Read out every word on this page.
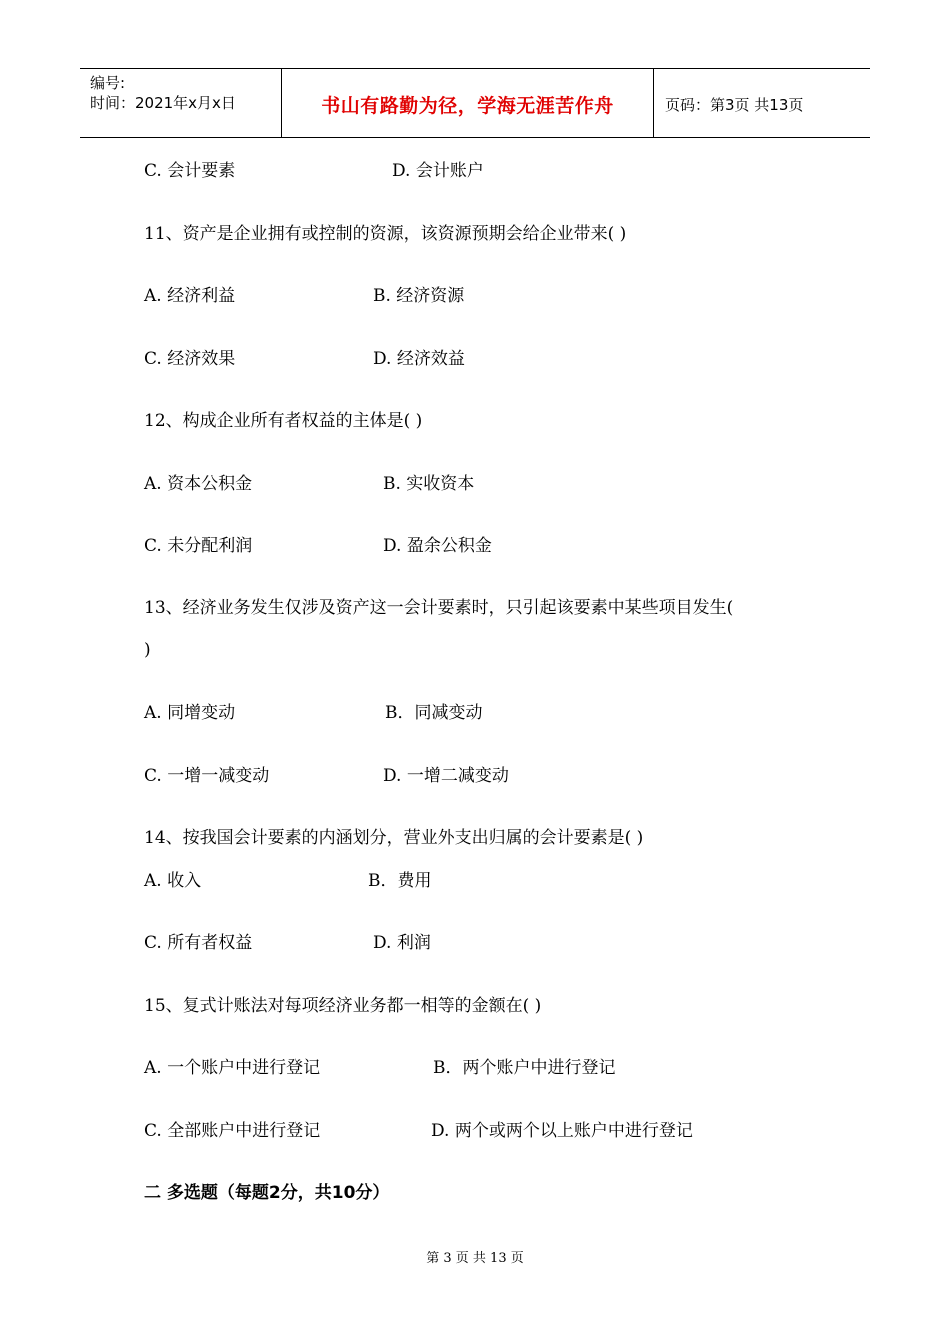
编号:
时间：2021年x月x日	书山有路勤为径，学海无涯苦作舟	页码：第3页 共13页
C. 会计要素	D. 会计账户
11、资产是企业拥有或控制的资源，该资源预期会给企业带来( )
A. 经济利益	B. 经济资源
C. 经济效果	D. 经济效益
12、构成企业所有者权益的主体是( )
A. 资本公积金	B. 实收资本
C. 未分配利润	D. 盈余公积金
13、经济业务发生仅涉及资产这一会计要素时，只引起该要素中某些项目发生(
)
A. 同增变动	B．同减变动
C. 一增一减变动	D. 一增二减变动
14、按我国会计要素的内涵划分，营业外支出归属的会计要素是( )
A. 收入	B．费用
C. 所有者权益	D. 利润
15、复式计账法对每项经济业务都一相等的金额在( )
A. 一个账户中进行登记	B．两个账户中进行登记
C. 全部账户中进行登记	D. 两个或两个以上账户中进行登记
二 多选题（每题2分，共10分）
第 3 页 共 13 页
